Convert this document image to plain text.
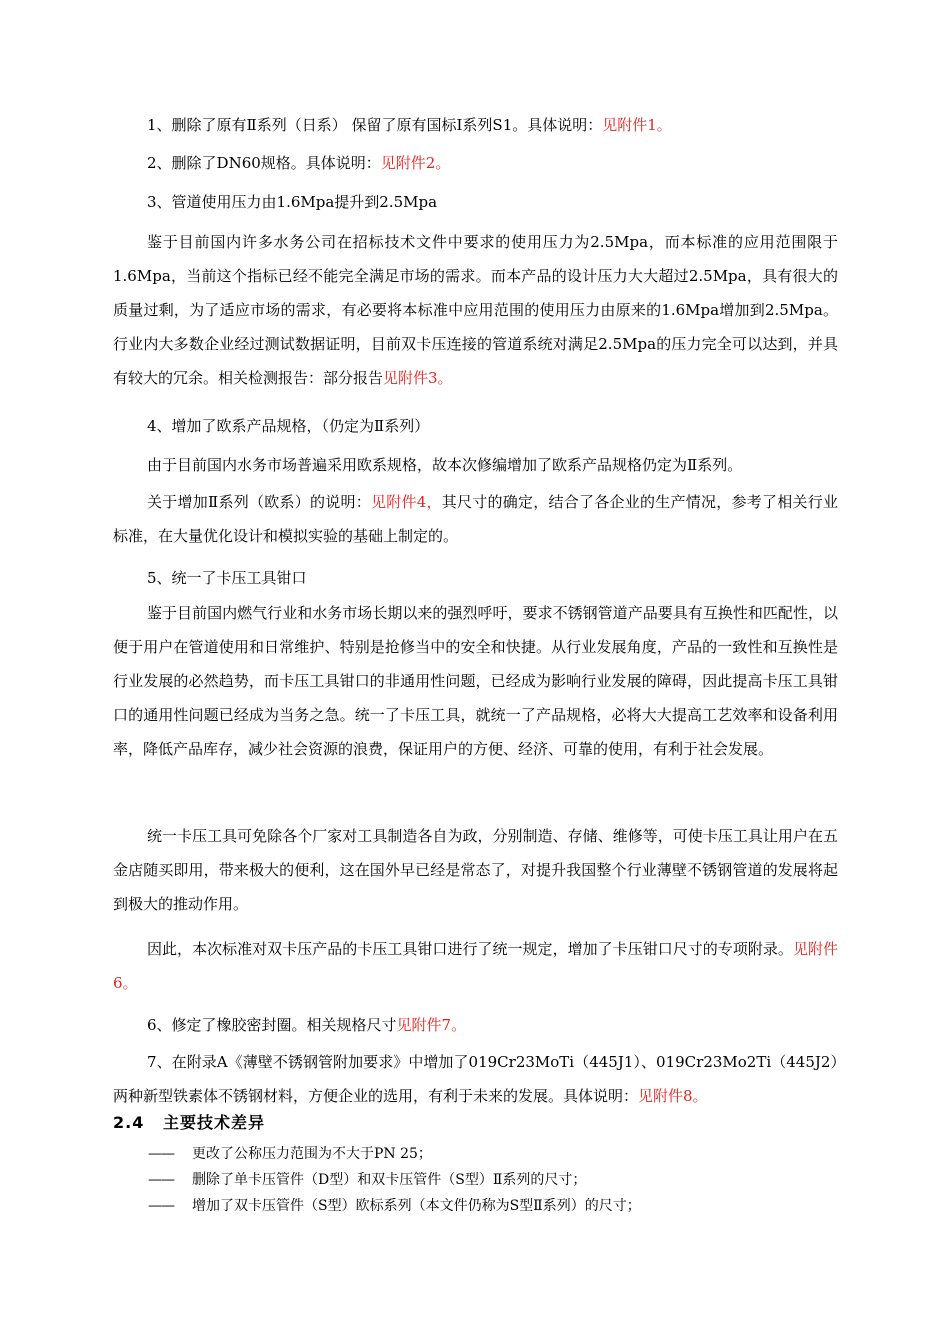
1、删除了原有Ⅱ系列（日系） 保留了原有国标Ⅰ系列S1。具体说明：见附件1。

2、删除了DN60规格。具体说明：见附件2。

3、管道使用压力由1.6Mpa提升到2.5Mpa

鉴于目前国内许多水务公司在招标技术文件中要求的使用压力为2.5Mpa，而本标准的应用范围限于1.6Mpa，当前这个指标已经不能完全满足市场的需求。而本产品的设计压力大大超过2.5Mpa，具有很大的质量过剩，为了适应市场的需求，有必要将本标准中应用范围的使用压力由原来的1.6Mpa增加到2.5Mpa。行业内大多数企业经过测试数据证明，目前双卡压连接的管道系统对满足2.5Mpa的压力完全可以达到，并具有较大的冗余。相关检测报告：部分报告见附件3。

4、增加了欧系产品规格，（仍定为Ⅱ系列）

由于目前国内水务市场普遍采用欧系规格，故本次修编增加了欧系产品规格仍定为Ⅱ系列。

关于增加Ⅱ系列（欧系）的说明：见附件4，其尺寸的确定，结合了各企业的生产情况，参考了相关行业标准，在大量优化设计和模拟实验的基础上制定的。

5、统一了卡压工具钳口

鉴于目前国内燃气行业和水务市场长期以来的强烈呼吁，要求不锈钢管道产品要具有互换性和匹配性，以便于用户在管道使用和日常维护、特别是抢修当中的安全和快捷。从行业发展角度，产品的一致性和互换性是行业发展的必然趋势，而卡压工具钳口的非通用性问题，已经成为影响行业发展的障碍，因此提高卡压工具钳口的通用性问题已经成为当务之急。统一了卡压工具，就统一了产品规格，必将大大提高工艺效率和设备利用率，降低产品库存，减少社会资源的浪费，保证用户的方便、经济、可靠的使用，有利于社会发展。

统一卡压工具可免除各个厂家对工具制造各自为政，分别制造、存储、维修等，可使卡压工具让用户在五金店随买即用，带来极大的便利，这在国外早已经是常态了，对提升我国整个行业薄壁不锈钢管道的发展将起到极大的推动作用。

因此，本次标准对双卡压产品的卡压工具钳口进行了统一规定，增加了卡压钳口尺寸的专项附录。见附件6。

6、修定了橡胶密封圈。相关规格尺寸见附件7。

7、在附录A《薄壁不锈钢管附加要求》中增加了019Cr23MoTi（445J1）、019Cr23Mo2Ti（445J2）两种新型铁素体不锈钢材料，方便企业的选用，有利于未来的发展。具体说明：见附件8。

2.4 主要技术差异
—— 更改了公称压力范围为不大于PN 25；
—— 删除了单卡压管件（D型）和双卡压管件（S型）Ⅱ系列的尺寸；
—— 增加了双卡压管件（S型）欧标系列（本文件仍称为S型Ⅱ系列）的尺寸；
